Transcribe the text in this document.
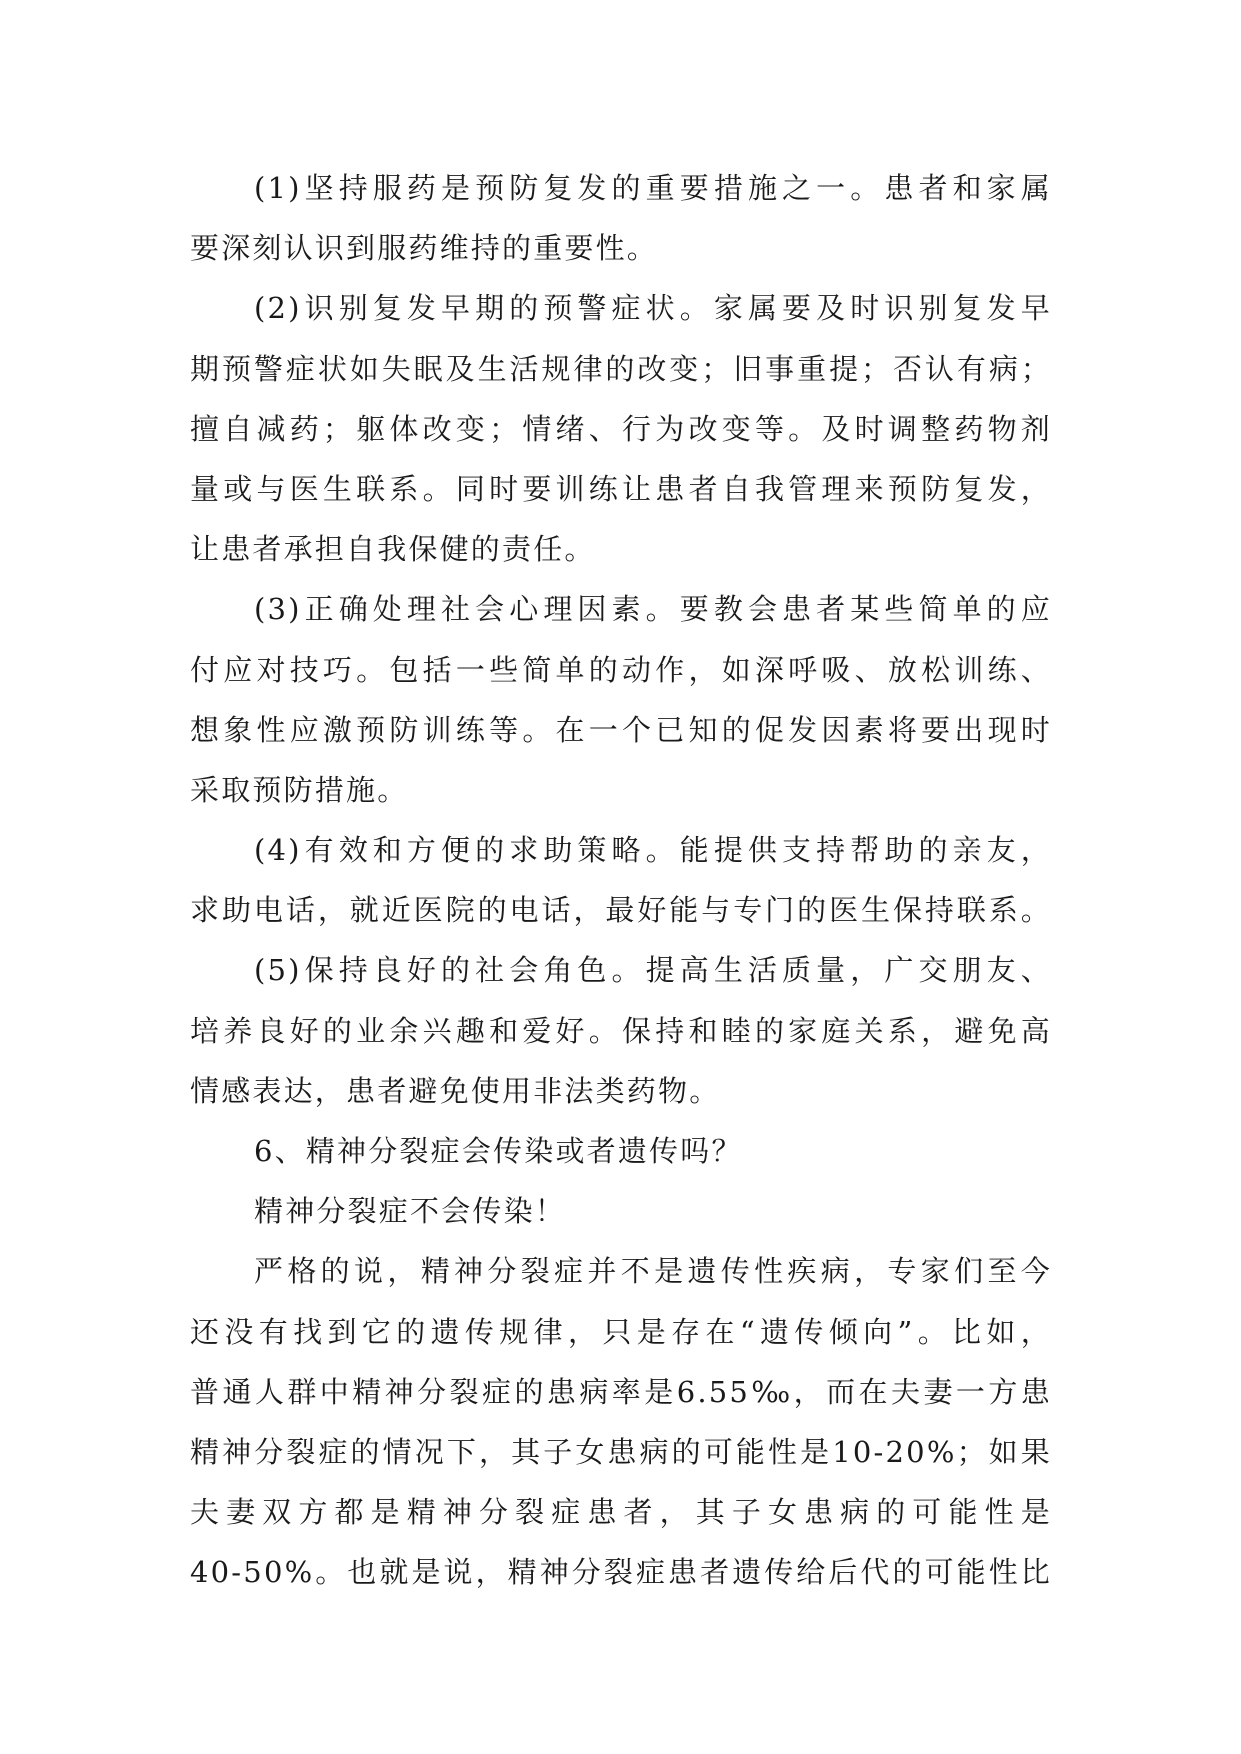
(1)坚持服药是预防复发的重要措施之一。患者和家属
要深刻认识到服药维持的重要性。
(2)识别复发早期的预警症状。家属要及时识别复发早
期预警症状如失眠及生活规律的改变；旧事重提；否认有病；
擅自减药；躯体改变；情绪、行为改变等。及时调整药物剂
量或与医生联系。同时要训练让患者自我管理来预防复发，
让患者承担自我保健的责任。
(3)正确处理社会心理因素。要教会患者某些简单的应
付应对技巧。包括一些简单的动作，如深呼吸、放松训练、
想象性应激预防训练等。在一个已知的促发因素将要出现时
采取预防措施。
(4)有效和方便的求助策略。能提供支持帮助的亲友，
求助电话，就近医院的电话，最好能与专门的医生保持联系。
(5)保持良好的社会角色。提高生活质量，广交朋友、
培养良好的业余兴趣和爱好。保持和睦的家庭关系，避免高
情感表达，患者避免使用非法类药物。
6、精神分裂症会传染或者遗传吗？
精神分裂症不会传染！
严格的说，精神分裂症并不是遗传性疾病，专家们至今
还没有找到它的遗传规律，只是存在“遗传倾向”。比如，
普通人群中精神分裂症的患病率是6.55‰，而在夫妻一方患
精神分裂症的情况下，其子女患病的可能性是10-20%；如果
夫妻双方都是精神分裂症患者，其子女患病的可能性是
40-50%。也就是说，精神分裂症患者遗传给后代的可能性比
